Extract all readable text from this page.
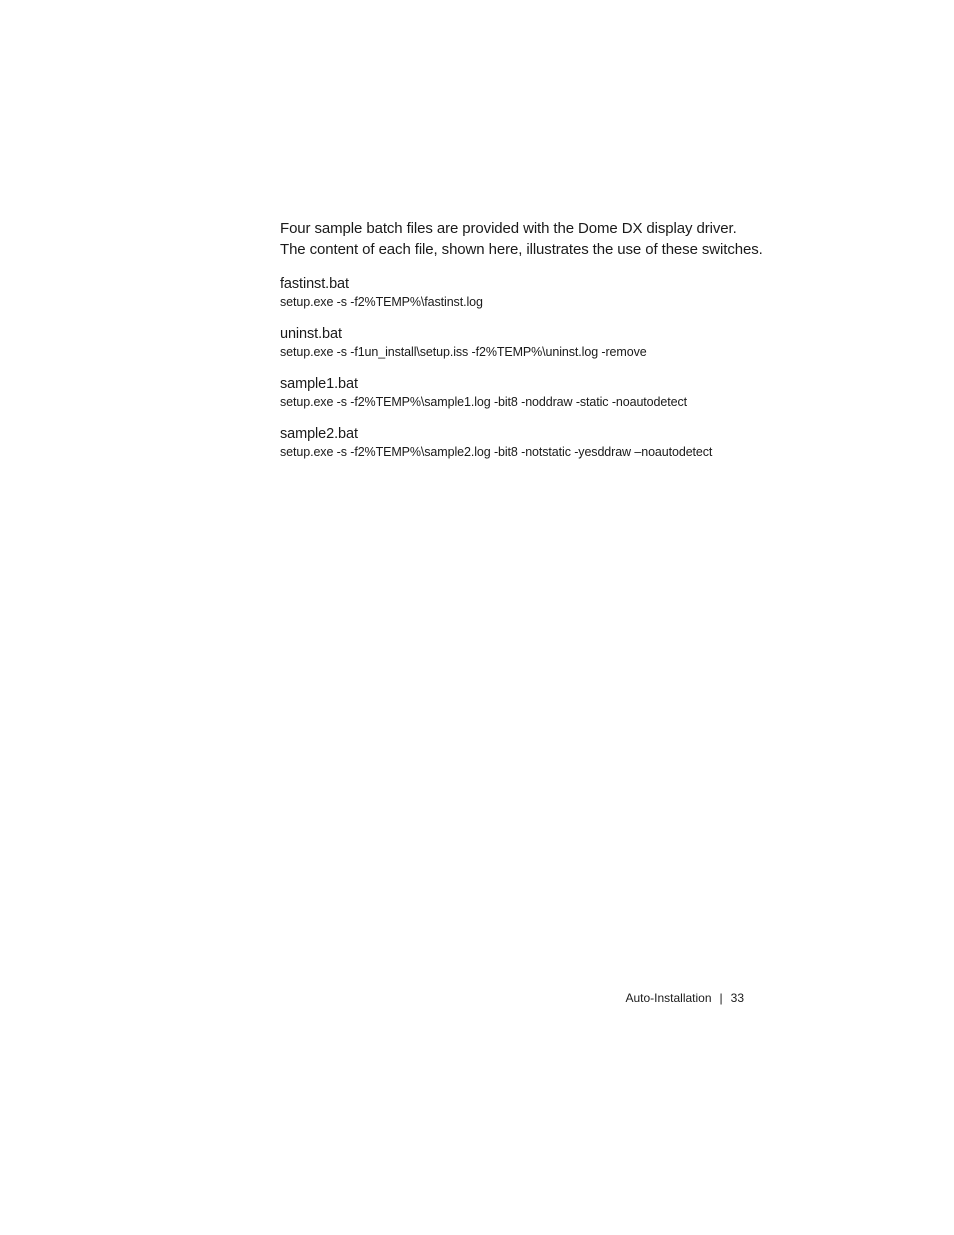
Four sample batch files are provided with the Dome DX display driver.

The content of each file, shown here, illustrates the use of these switches.

fastinst.bat
setup.exe -s -f2%TEMP%\fastinst.log
uninst.bat
setup.exe -s -f1un_install\setup.iss -f2%TEMP%\uninst.log -remove
sample1.bat
setup.exe -s -f2%TEMP%\sample1.log -bit8 -noddraw -static -noautodetect
sample2.bat
setup.exe -s -f2%TEMP%\sample2.log -bit8 -notstatic -yesddraw –noautodetect
Auto-Installation | 33
